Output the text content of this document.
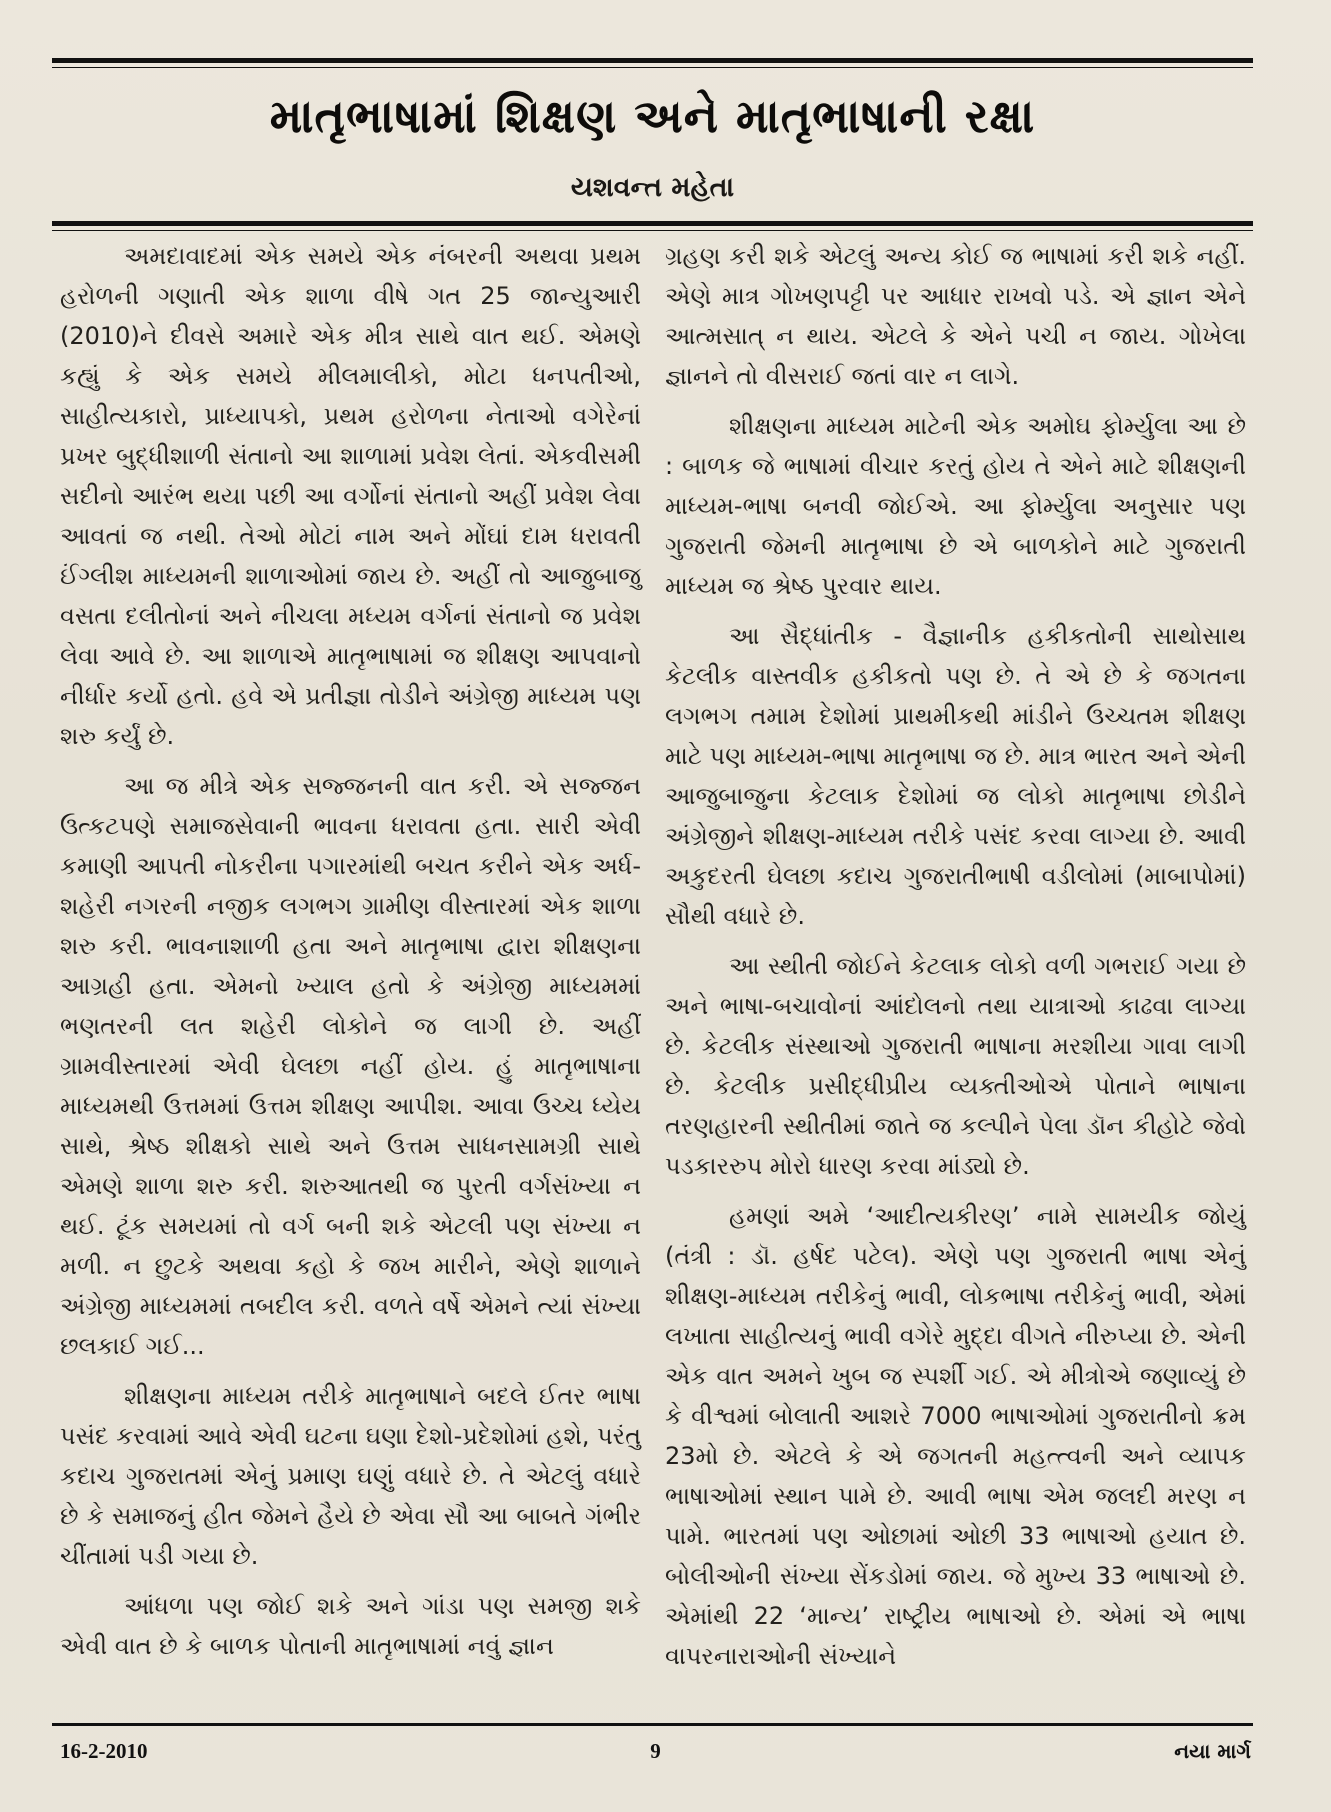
માતૃભાષામાં શિક્ષણ અને માતૃભાષાની રક્ષા
યશવન્ત મહેતા

અમદાવાદમાં એક સમયે એક નંબરની અથવા પ્રથમ હરોળની ગણાતી એક શાળા વીષે ગત 25 જાન્યુઆરી (2010)ને દીવસે અમારે એક મીત્ર સાથે વાત થઈ. એમણે કહ્યું કે એક સમયે મીલમાલીકો, મોટા ધનપતીઓ, સાહીત્યકારો, પ્રાધ્યાપકો, પ્રથમ હરોળના નેતાઓ વગેરેનાં પ્રખર બુદ્ધીશાળી સંતાનો આ શાળામાં પ્રવેશ લેતાં. એકવીસમી સદીનો આરંભ થયા પછી આ વર્ગોનાં સંતાનો અહીં પ્રવેશ લેવા આવતાં જ નથી. તેઓ મોટાં નામ અને મોંઘાં દામ ધરાવતી ઈંગ્લીશ માધ્યમની શાળાઓમાં જાય છે. અહીં તો આજુબાજુ વસતા દલીતોનાં અને નીચલા મધ્યમ વર્ગનાં સંતાનો જ પ્રવેશ લેવા આવે છે. આ શાળાએ માતૃભાષામાં જ શીક્ષણ આપવાનો નીર્ધાર કર્યો હતો. હવે એ પ્રતીજ્ઞા તોડીને અંગ્રેજી માધ્યમ પણ શરુ કર્યું છે.

આ જ મીત્રે એક સજ્જનની વાત કરી. એ સજ્જન ઉત્કટપણે સમાજસેવાની ભાવના ધરાવતા હતા. સારી એવી કમાણી આપતી નોકરીના પગારમાંથી બચત કરીને એક અર્ધ-શહેરી નગરની નજીક લગભગ ગ્રામીણ વીસ્તારમાં એક શાળા શરુ કરી. ભાવનાશાળી હતા અને માતૃભાષા દ્વારા શીક્ષણના આગ્રહી હતા. એમનો ખ્યાલ હતો કે અંગ્રેજી માધ્યમમાં ભણતરની લત શહેરી લોકોને જ લાગી છે. અહીં ગ્રામવીસ્તારમાં એવી ઘેલછા નહીં હોય. હું માતૃભાષાના માધ્યમથી ઉત્તમમાં ઉત્તમ શીક્ષણ આપીશ. આવા ઉચ્ચ ધ્યેય સાથે, શ્રેષ્ઠ શીક્ષકો સાથે અને ઉત્તમ સાધનસામગ્રી સાથે એમણે શાળા શરુ કરી. શરુઆતથી જ પુરતી વર્ગસંખ્યા ન થઈ. ટૂંક સમયમાં તો વર્ગ બની શકે એટલી પણ સંખ્યા ન મળી. ન છુટકે અથવા કહો કે જખ મારીને, એણે શાળાને અંગ્રેજી માધ્યમમાં તબદીલ કરી. વળતે વર્ષે એમને ત્યાં સંખ્યા છલકાઈ ગઈ...

શીક્ષણના માધ્યમ તરીકે માતૃભાષાને બદલે ઈતર ભાષા પસંદ કરવામાં આવે એવી ઘટના ઘણા દેશો-પ્રદેશોમાં હશે, પરંતુ કદાચ ગુજરાતમાં એનું પ્રમાણ ઘણું વધારે છે. તે એટલું વધારે છે કે સમાજનું હીત જેમને હૈયે છે એવા સૌ આ બાબતે ગંભીર ચીંતામાં પડી ગયા છે.

આંધળા પણ જોઈ શકે અને ગાંડા પણ સમજી શકે એવી વાત છે કે બાળક પોતાની માતૃભાષામાં નવું જ્ઞાન

ગ્રહણ કરી શકે એટલું અન્ય કોઈ જ ભાષામાં કરી શકે નહીં. એણે માત્ર ગોખણપટ્ટી પર આધાર રાખવો પડે. એ જ્ઞાન એને આત્મસાત્ ન થાય. એટલે કે એને પચી ન જાય. ગોખેલા જ્ઞાનને તો વીસરાઈ જતાં વાર ન લાગે.

શીક્ષણના માધ્યમ માટેની એક અમોઘ ફોર્મ્યુલા આ છે : બાળક જે ભાષામાં વીચાર કરતું હોય તે એને માટે શીક્ષણની માધ્યમ-ભાષા બનવી જોઈએ. આ ફોર્મ્યુલા અનુસાર પણ ગુજરાતી જેમની માતૃભાષા છે એ બાળકોને માટે ગુજરાતી માધ્યમ જ શ્રેષ્ઠ પુરવાર થાય.

આ સૈદ્ધાંતીક - વૈજ્ઞાનીક હકીકતોની સાથોસાથ કેટલીક વાસ્તવીક હકીકતો પણ છે. તે એ છે કે જગતના લગભગ તમામ દેશોમાં પ્રાથમીકથી માંડીને ઉચ્ચતમ શીક્ષણ માટે પણ માધ્યમ-ભાષા માતૃભાષા જ છે. માત્ર ભારત અને એની આજુબાજુના કેટલાક દેશોમાં જ લોકો માતૃભાષા છોડીને અંગ્રેજીને શીક્ષણ-માધ્યમ તરીકે પસંદ કરવા લાગ્યા છે. આવી અકુદરતી ઘેલછા કદાચ ગુજરાતીભાષી વડીલોમાં (માબાપોમાં) સૌથી વધારે છે.

આ સ્થીતી જોઈને કેટલાક લોકો વળી ગભરાઈ ગયા છે અને ભાષા-બચાવોનાં આંદોલનો તથા યાત્રાઓ કાઢવા લાગ્યા છે. કેટલીક સંસ્થાઓ ગુજરાતી ભાષાના મરશીયા ગાવા લાગી છે. કેટલીક પ્રસીદ્ધીપ્રીય વ્યક્તીઓએ પોતાને ભાષાના તરણહારની સ્થીતીમાં જાતે જ કલ્પીને પેલા ડૉન કીહોટે જેવો પડકારરુપ મોરો ધારણ કરવા માંડ્યો છે.

હમણાં અમે ‘આદીત્યકીરણ’ નામે સામયીક જોયું (તંત્રી : ડૉ. હર્ષદ પટેલ). એણે પણ ગુજરાતી ભાષા એનું શીક્ષણ-માધ્યમ તરીકેનું ભાવી, લોકભાષા તરીકેનું ભાવી, એમાં લખાતા સાહીત્યનું ભાવી વગેરે મુદ્દા વીગતે નીરુપ્યા છે. એની એક વાત અમને ખુબ જ સ્પર્શી ગઈ. એ મીત્રોએ જણાવ્યું છે કે વીશ્વમાં બોલાતી આશરે 7000 ભાષાઓમાં ગુજરાતીનો ક્રમ 23મો છે. એટલે કે એ જગતની મહત્ત્વની અને વ્યાપક ભાષાઓમાં સ્થાન પામે છે. આવી ભાષા એમ જલદી મરણ ન પામે. ભારતમાં પણ ઓછામાં ઓછી 33 ભાષાઓ હયાત છે. બોલીઓની સંખ્યા સેંકડોમાં જાય. જે મુખ્ય 33 ભાષાઓ છે. એમાંથી 22 ‘માન્ય’ રાષ્ટ્રીય ભાષાઓ છે. એમાં એ ભાષા વાપરનારાઓની સંખ્યાને

16-2-2010	9	નયા માર્ગ
